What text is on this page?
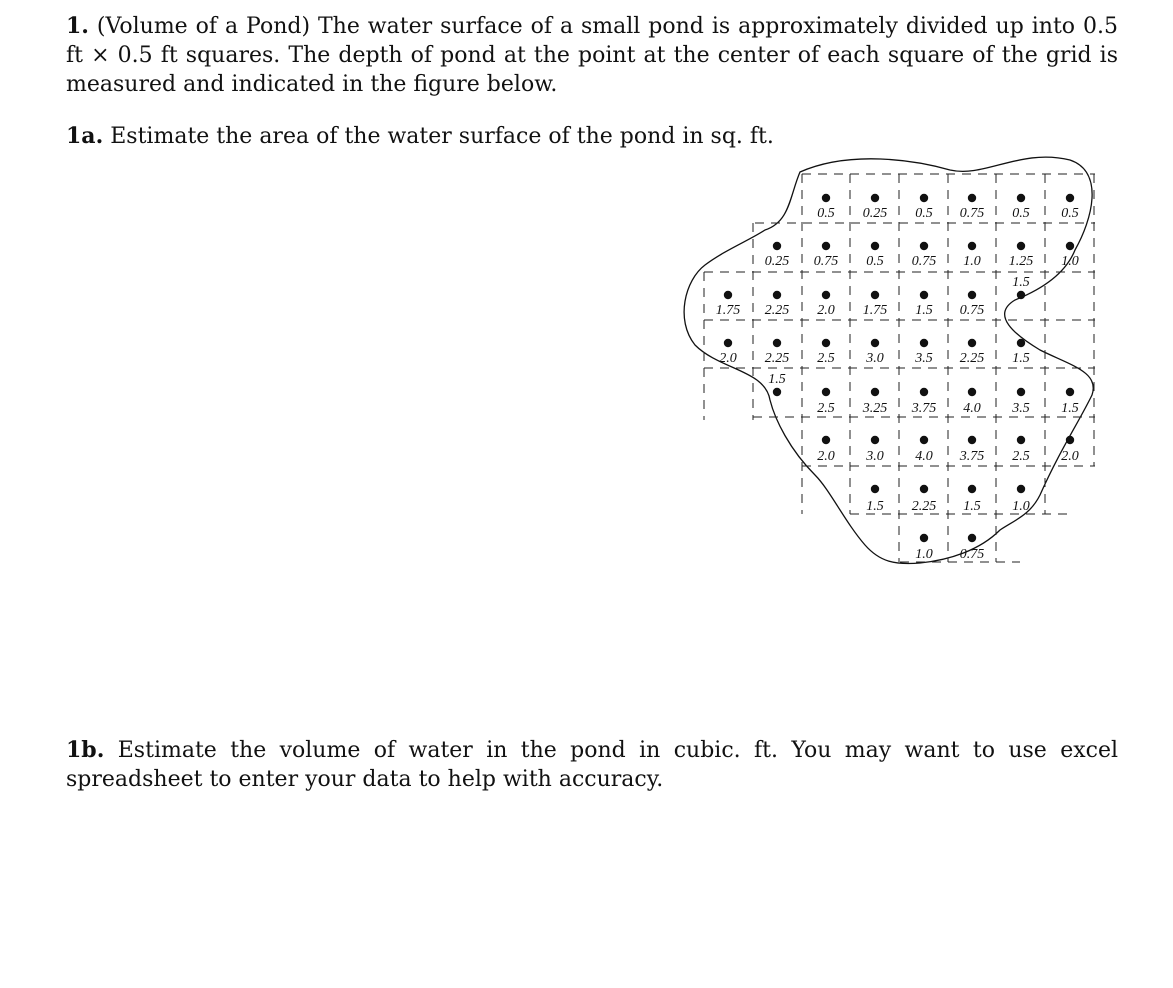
1. (Volume of a Pond) The water surface of a small pond is approximately divided up into 0.5 ft × 0.5 ft squares. The depth of pond at the point at the center of each square of the grid is measured and indicated in the figure below.

1a. Estimate the area of the water surface of the pond in sq. ft.

0.5 0.25 0.5 0.75 0.5 0.5
0.25 0.75 0.5 0.75 1.0 1.25 1.0
1.5
1.75 2.25 2.0 1.75 1.5 0.75
2.0 2.25 2.5 3.0 3.5 2.25 1.5
1.5
2.5 3.25 3.75 4.0 3.5 1.5
2.0 3.0 4.0 3.75 2.5 2.0
1.5 2.25 1.5 1.0
1.0 0.75

1b. Estimate the volume of water in the pond in cubic. ft. You may want to use excel spreadsheet to enter your data to help with accuracy.
